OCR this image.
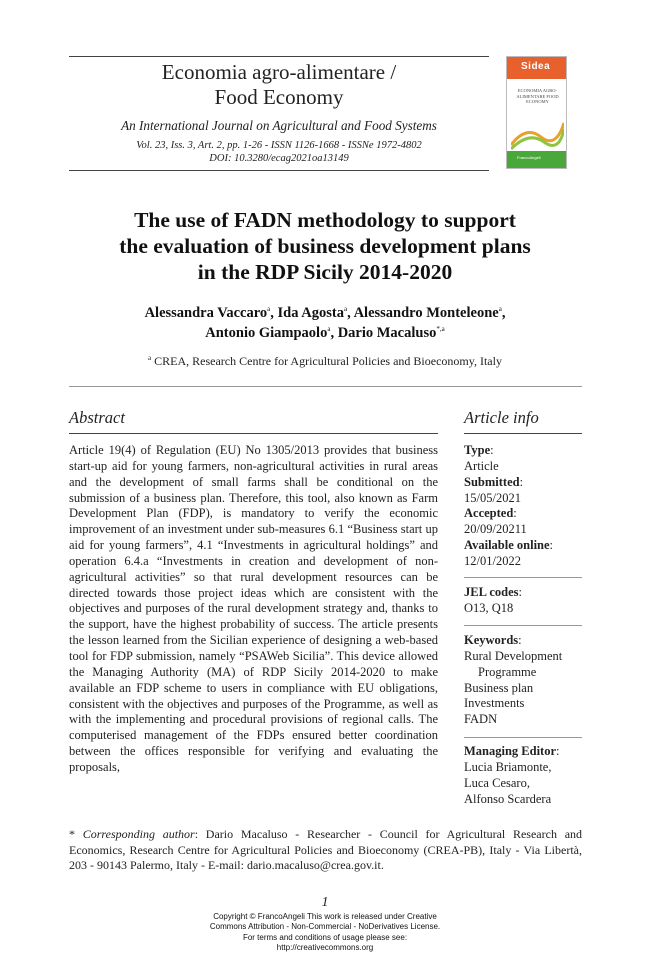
Economia agro-alimentare /
Food Economy
An International Journal on Agricultural and Food Systems
Vol. 23, Iss. 3, Art. 2, pp. 1-26 - ISSN 1126-1668 - ISSNe 1972-4802
DOI: 10.3280/ecag2021oa13149
Sidea
ECONOMIA AGRO-ALIMENTARE FOOD ECONOMY
FrancoAngeli
The use of FADN methodology to support
the evaluation of business development plans
in the RDP Sicily 2014-2020
Alessandra Vaccaro$^a$, Ida Agosta$^a$, Alessandro Monteleone$^a$,
Antonio Giampaolo$^a$, Dario Macaluso$^{*,a}$
$^a$ CREA, Research Centre for Agricultural Policies and Bioeconomy, Italy
Abstract	Article info
Article 19(4) of Regulation (EU) No 1305/2013 provides that business start-up aid for young farmers, non-agricultural activities in rural areas and the development of small farms shall be conditional on the submission of a business plan. Therefore, this tool, also known as Farm Development Plan (FDP), is mandatory to verify the economic improvement of an investment under sub-measures 6.1 “Business start up aid for young farmers”, 4.1 “Investments in agricultural holdings” and operation 6.4.a “Investments in creation and development of non-agricultural activities” so that rural development resources can be directed towards those project ideas which are consistent with the objectives and purposes of the rural development strategy and, thanks to the support, have the highest probability of success. The article presents the lesson learned from the Sicilian experience of designing a web-based tool for FDP submission, namely “PSAWeb Sicilia”. This device allowed the Managing Authority (MA) of RDP Sicily 2014-2020 to make available an FDP scheme to users in compliance with EU obligations, consistent with the objectives and purposes of the Programme, as well as with the implementing and procedural provisions of regional calls. The computerised management of the FDPs ensured better coordination between the offices responsible for verifying and evaluating the proposals,
Type:
Article
Submitted:
15/05/2021
Accepted:
20/09/20211
Available online:
12/01/2022
JEL codes:
O13, Q18
Keywords:
Rural Development
Programme
Business plan
Investments
FADN
Managing Editor:
Lucia Briamonte,
Luca Cesaro,
Alfonso Scardera
* Corresponding author: Dario Macaluso - Researcher - Council for Agricultural Research and Economics, Research Centre for Agricultural Policies and Bioeconomy (CREA-PB), Italy - Via Libertà, 203 - 90143 Palermo, Italy - E-mail: dario.macaluso@crea.gov.it.
1
Copyright © FrancoAngeli This work is released under Creative
Commons Attribution - Non-Commercial - NoDerivatives License.
For terms and conditions of usage please see:
http://creativecommons.org
